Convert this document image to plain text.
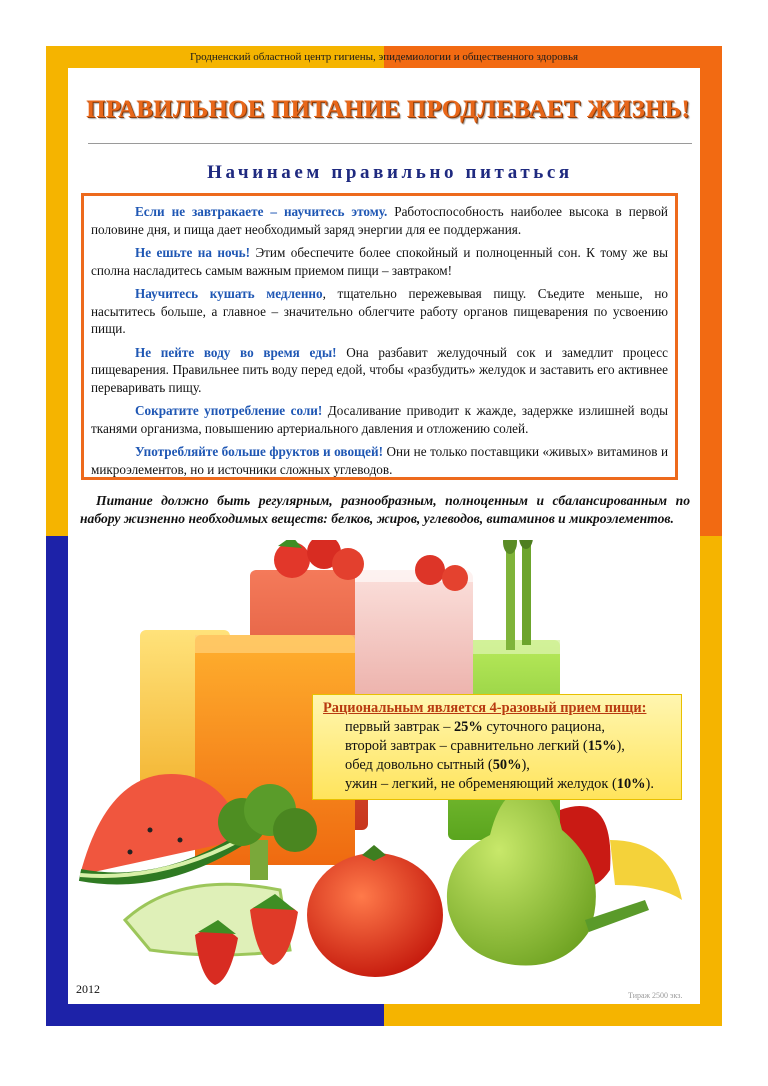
Гродненский областной центр гигиены, эпидемиологии и общественного здоровья
ПРАВИЛЬНОЕ ПИТАНИЕ ПРОДЛЕВАЕТ ЖИЗНЬ!
Начинаем правильно питаться

Если не завтракаете – научитесь этому. Работоспособность наиболее высока в первой половине дня, и пища дает необходимый заряд энергии для ее поддержания.

Не ешьте на ночь! Этим обеспечите более спокойный и полноценный сон. К тому же вы сполна насладитесь самым важным приемом пищи – завтраком!

Научитесь кушать медленно, тщательно пережевывая пищу. Съедите меньше, но насытитесь больше, а главное – значительно облегчите работу органов пищеварения по усвоению пищи.

Не пейте воду во время еды! Она разбавит желудочный сок и замедлит процесс пищеварения. Правильнее пить воду перед едой, чтобы «разбудить» желудок и заставить его активнее переваривать пищу.

Сократите употребление соли! Досаливание приводит к жажде, задержке излишней воды тканями организма, повышению артериального давления и отложению солей.

Употребляйте больше фруктов и овощей! Они не только поставщики «живых» витаминов и микроэлементов, но и источники сложных углеводов.

Питание должно быть регулярным, разнообразным, полноценным и сбалансированным по набору жизненно необходимых веществ: белков, жиров, углеводов, витаминов и микроэлементов.
Рациональным является 4-разовый прием пищи:
первый завтрак – 25% суточного рациона,
второй завтрак – сравнительно легкий (15%),
обед довольно сытный (50%),
ужин – легкий, не обременяющий желудок (10%).
2012	Тираж 2500 экз.
